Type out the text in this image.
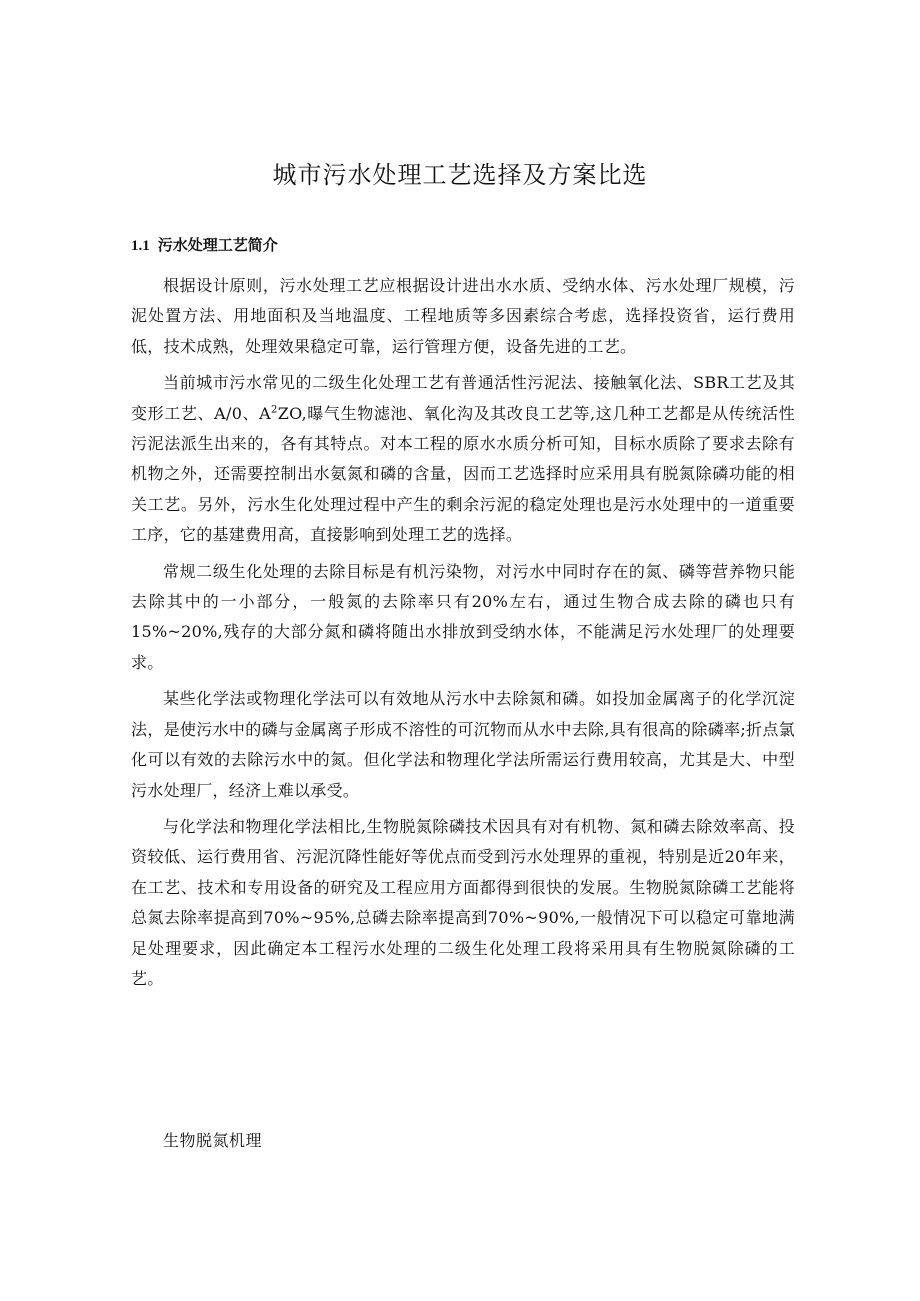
城市污水处理工艺选择及方案比选
1.1 污水处理工艺简介

根据设计原则，污水处理工艺应根据设计进出水水质、受纳水体、污水处理厂规模，污泥处置方法、用地面积及当地温度、工程地质等多因素综合考虑，选择投资省，运行费用低，技术成熟，处理效果稳定可靠，运行管理方便，设备先进的工艺。

当前城市污水常见的二级生化处理工艺有普通活性污泥法、接触氧化法、SBR工艺及其变形工艺、A/0、$A^2ZO$,曝气生物滤池、氧化沟及其改良工艺等,这几种工艺都是从传统活性污泥法派生出来的，各有其特点。对本工程的原水水质分析可知，目标水质除了要求去除有机物之外，还需要控制出水氨氮和磷的含量，因而工艺选择时应采用具有脱氮除磷功能的相关工艺。另外，污水生化处理过程中产生的剩余污泥的稳定处理也是污水处理中的一道重要工序，它的基建费用高，直接影响到处理工艺的选择。

常规二级生化处理的去除目标是有机污染物，对污水中同时存在的氮、磷等营养物只能去除其中的一小部分，一般氮的去除率只有20%左右，通过生物合成去除的磷也只有15%~20%,残存的大部分氮和磷将随出水排放到受纳水体，不能满足污水处理厂的处理要求。

某些化学法或物理化学法可以有效地从污水中去除氮和磷。如投加金属离子的化学沉淀法，是使污水中的磷与金属离子形成不溶性的可沉物而从水中去除,具有很高的除磷率;折点氯化可以有效的去除污水中的氮。但化学法和物理化学法所需运行费用较高，尤其是大、中型污水处理厂，经济上难以承受。

与化学法和物理化学法相比,生物脱氮除磷技术因具有对有机物、氮和磷去除效率高、投资较低、运行费用省、污泥沉降性能好等优点而受到污水处理界的重视，特别是近20年来，在工艺、技术和专用设备的研究及工程应用方面都得到很快的发展。生物脱氮除磷工艺能将总氮去除率提高到70%~95%,总磷去除率提高到70%~90%,一般情况下可以稳定可靠地满足处理要求，因此确定本工程污水处理的二级生化处理工段将采用具有生物脱氮除磷的工艺。

生物脱氮机理
